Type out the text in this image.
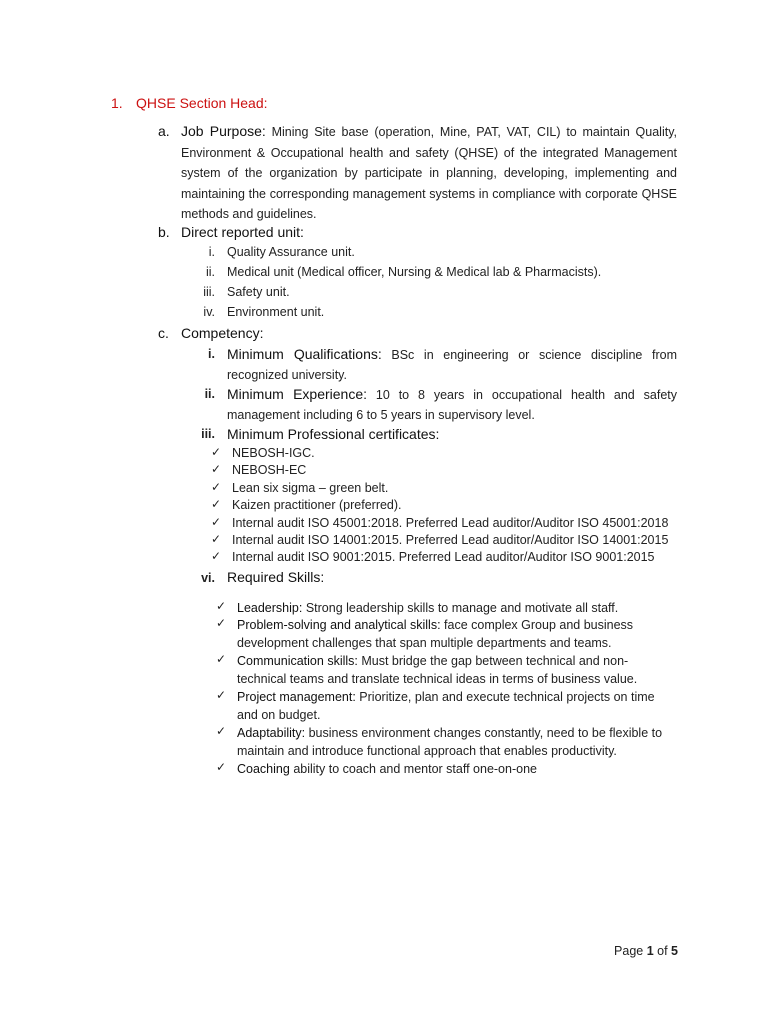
1. QHSE Section Head:
a. Job Purpose: Mining Site base (operation, Mine, PAT, VAT, CIL) to maintain Quality, Environment & Occupational health and safety (QHSE) of the integrated Management system of the organization by participate in planning, developing, implementing and maintaining the corresponding management systems in compliance with corporate QHSE methods and guidelines.
b. Direct reported unit:
i. Quality Assurance unit.
ii. Medical unit (Medical officer, Nursing & Medical lab & Pharmacists).
iii. Safety unit.
iv. Environment unit.
c. Competency:
i. Minimum Qualifications: BSc in engineering or science discipline from recognized university.
ii. Minimum Experience: 10 to 8 years in occupational health and safety management including 6 to 5 years in supervisory level.
iii. Minimum Professional certificates:
✓ NEBOSH-IGC.
✓ NEBOSH-EC
✓ Lean six sigma – green belt.
✓ Kaizen practitioner (preferred).
✓ Internal audit ISO 45001:2018. Preferred Lead auditor/Auditor ISO 45001:2018
✓ Internal audit ISO 14001:2015. Preferred Lead auditor/Auditor ISO 14001:2015
✓ Internal audit ISO 9001:2015. Preferred Lead auditor/Auditor ISO 9001:2015
vi. Required Skills:
✓ Leadership: Strong leadership skills to manage and motivate all staff.
✓ Problem-solving and analytical skills: face complex Group and business development challenges that span multiple departments and teams.
✓ Communication skills: Must bridge the gap between technical and non-technical teams and translate technical ideas in terms of business value.
✓ Project management: Prioritize, plan and execute technical projects on time and on budget.
✓ Adaptability: business environment changes constantly, need to be flexible to maintain and introduce functional approach that enables productivity.
✓ Coaching ability to coach and mentor staff one-on-one
Page 1 of 5
